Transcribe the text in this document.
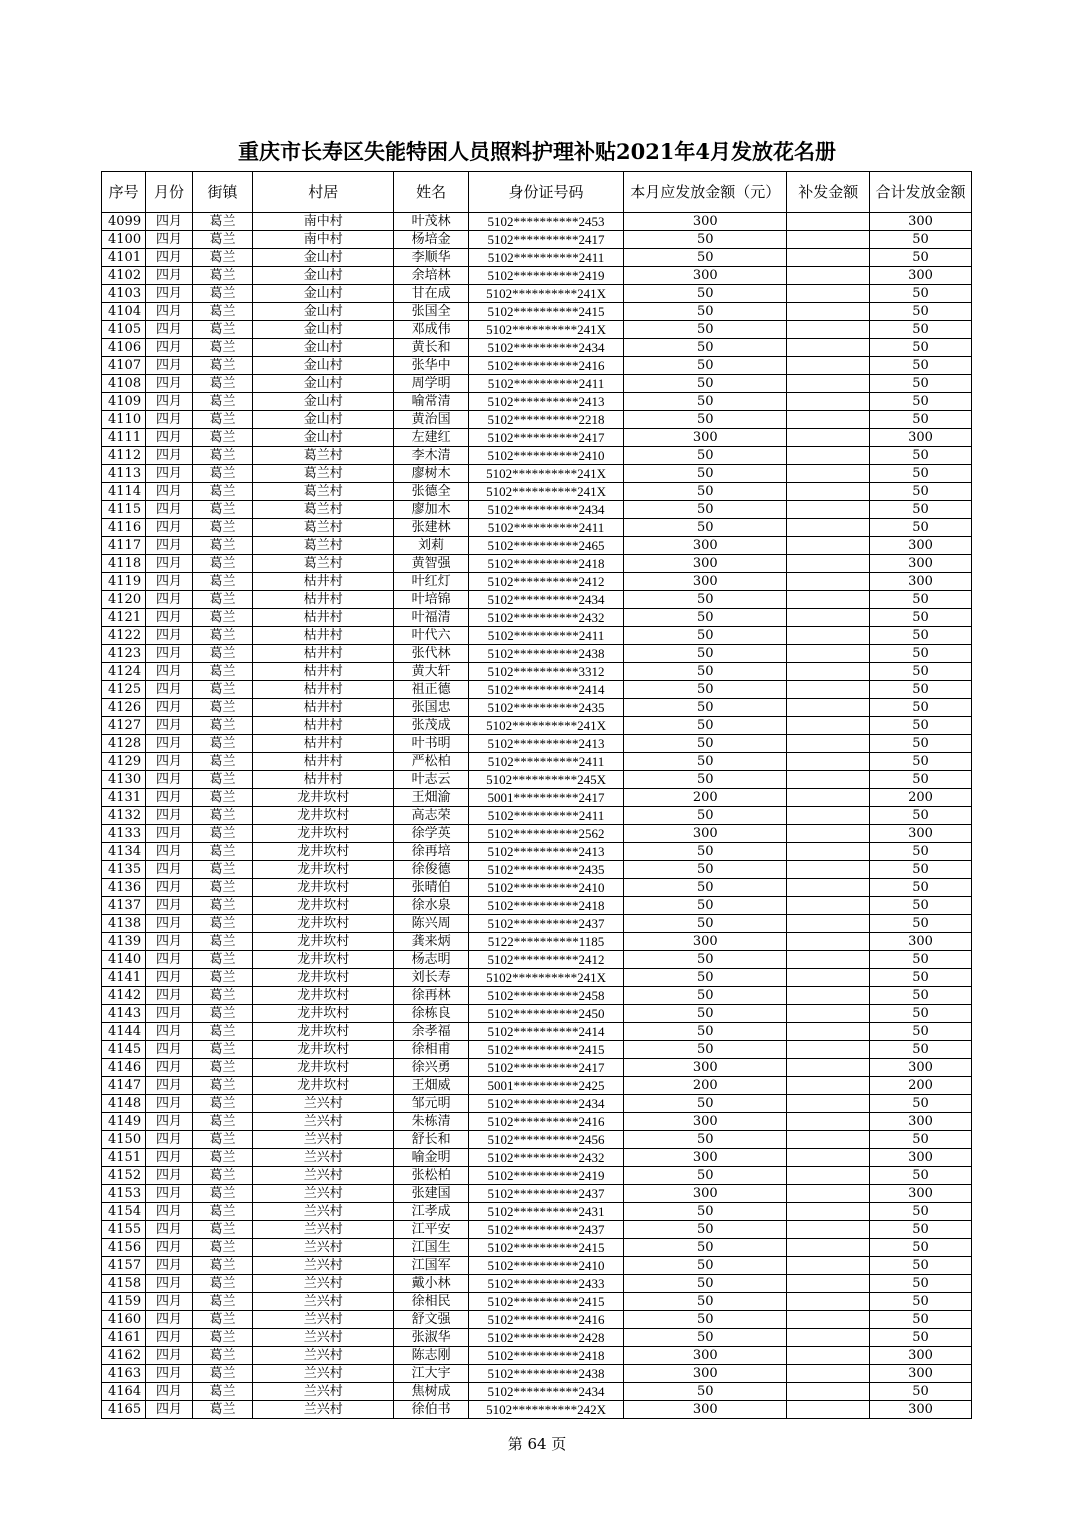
重庆市长寿区失能特困人员照料护理补贴2021年4月发放花名册
序号	月份	街镇	村居	姓名	身份证号码	本月应发放金额（元）	补发金额	合计发放金额
4099	四月	葛兰	南中村	叶茂林	5102**********2453	300		300
4100	四月	葛兰	南中村	杨培金	5102**********2417	50		50
4101	四月	葛兰	金山村	李顺华	5102**********2411	50		50
4102	四月	葛兰	金山村	余培林	5102**********2419	300		300
4103	四月	葛兰	金山村	甘在成	5102**********241X	50		50
4104	四月	葛兰	金山村	张国全	5102**********2415	50		50
4105	四月	葛兰	金山村	邓成伟	5102**********241X	50		50
4106	四月	葛兰	金山村	黄长和	5102**********2434	50		50
4107	四月	葛兰	金山村	张华中	5102**********2416	50		50
4108	四月	葛兰	金山村	周学明	5102**********2411	50		50
4109	四月	葛兰	金山村	喻常清	5102**********2413	50		50
4110	四月	葛兰	金山村	黄治国	5102**********2218	50		50
4111	四月	葛兰	金山村	左建红	5102**********2417	300		300
4112	四月	葛兰	葛兰村	李木清	5102**********2410	50		50
4113	四月	葛兰	葛兰村	廖树木	5102**********241X	50		50
4114	四月	葛兰	葛兰村	张德全	5102**********241X	50		50
4115	四月	葛兰	葛兰村	廖加木	5102**********2434	50		50
4116	四月	葛兰	葛兰村	张建林	5102**********2411	50		50
4117	四月	葛兰	葛兰村	刘莉	5102**********2465	300		300
4118	四月	葛兰	葛兰村	黄智强	5102**********2418	300		300
4119	四月	葛兰	枯井村	叶红灯	5102**********2412	300		300
4120	四月	葛兰	枯井村	叶培锦	5102**********2434	50		50
4121	四月	葛兰	枯井村	叶福清	5102**********2432	50		50
4122	四月	葛兰	枯井村	叶代六	5102**********2411	50		50
4123	四月	葛兰	枯井村	张代林	5102**********2438	50		50
4124	四月	葛兰	枯井村	黄大轩	5102**********3312	50		50
4125	四月	葛兰	枯井村	祖正德	5102**********2414	50		50
4126	四月	葛兰	枯井村	张国忠	5102**********2435	50		50
4127	四月	葛兰	枯井村	张茂成	5102**********241X	50		50
4128	四月	葛兰	枯井村	叶书明	5102**********2413	50		50
4129	四月	葛兰	枯井村	严松柏	5102**********2411	50		50
4130	四月	葛兰	枯井村	叶志云	5102**********245X	50		50
4131	四月	葛兰	龙井坎村	王畑渝	5001**********2417	200		200
4132	四月	葛兰	龙井坎村	高志荣	5102**********2411	50		50
4133	四月	葛兰	龙井坎村	徐学英	5102**********2562	300		300
4134	四月	葛兰	龙井坎村	徐再培	5102**********2413	50		50
4135	四月	葛兰	龙井坎村	徐俊德	5102**********2435	50		50
4136	四月	葛兰	龙井坎村	张晴伯	5102**********2410	50		50
4137	四月	葛兰	龙井坎村	徐水泉	5102**********2418	50		50
4138	四月	葛兰	龙井坎村	陈兴周	5102**********2437	50		50
4139	四月	葛兰	龙井坎村	龚来炳	5122**********1185	300		300
4140	四月	葛兰	龙井坎村	杨志明	5102**********2412	50		50
4141	四月	葛兰	龙井坎村	刘长寿	5102**********241X	50		50
4142	四月	葛兰	龙井坎村	徐再林	5102**********2458	50		50
4143	四月	葛兰	龙井坎村	徐栋良	5102**********2450	50		50
4144	四月	葛兰	龙井坎村	余孝福	5102**********2414	50		50
4145	四月	葛兰	龙井坎村	徐相甫	5102**********2415	50		50
4146	四月	葛兰	龙井坎村	徐兴勇	5102**********2417	300		300
4147	四月	葛兰	龙井坎村	王畑威	5001**********2425	200		200
4148	四月	葛兰	兰兴村	邹元明	5102**********2434	50		50
4149	四月	葛兰	兰兴村	朱栋清	5102**********2416	300		300
4150	四月	葛兰	兰兴村	舒长和	5102**********2456	50		50
4151	四月	葛兰	兰兴村	喻金明	5102**********2432	300		300
4152	四月	葛兰	兰兴村	张松柏	5102**********2419	50		50
4153	四月	葛兰	兰兴村	张建国	5102**********2437	300		300
4154	四月	葛兰	兰兴村	江孝成	5102**********2431	50		50
4155	四月	葛兰	兰兴村	江平安	5102**********2437	50		50
4156	四月	葛兰	兰兴村	江国生	5102**********2415	50		50
4157	四月	葛兰	兰兴村	江国军	5102**********2410	50		50
4158	四月	葛兰	兰兴村	戴小林	5102**********2433	50		50
4159	四月	葛兰	兰兴村	徐相民	5102**********2415	50		50
4160	四月	葛兰	兰兴村	舒文强	5102**********2416	50		50
4161	四月	葛兰	兰兴村	张淑华	5102**********2428	50		50
4162	四月	葛兰	兰兴村	陈志刚	5102**********2418	300		300
4163	四月	葛兰	兰兴村	江大宇	5102**********2438	300		300
4164	四月	葛兰	兰兴村	焦树成	5102**********2434	50		50
4165	四月	葛兰	兰兴村	徐伯书	5102**********242X	300		300
第 64 页
